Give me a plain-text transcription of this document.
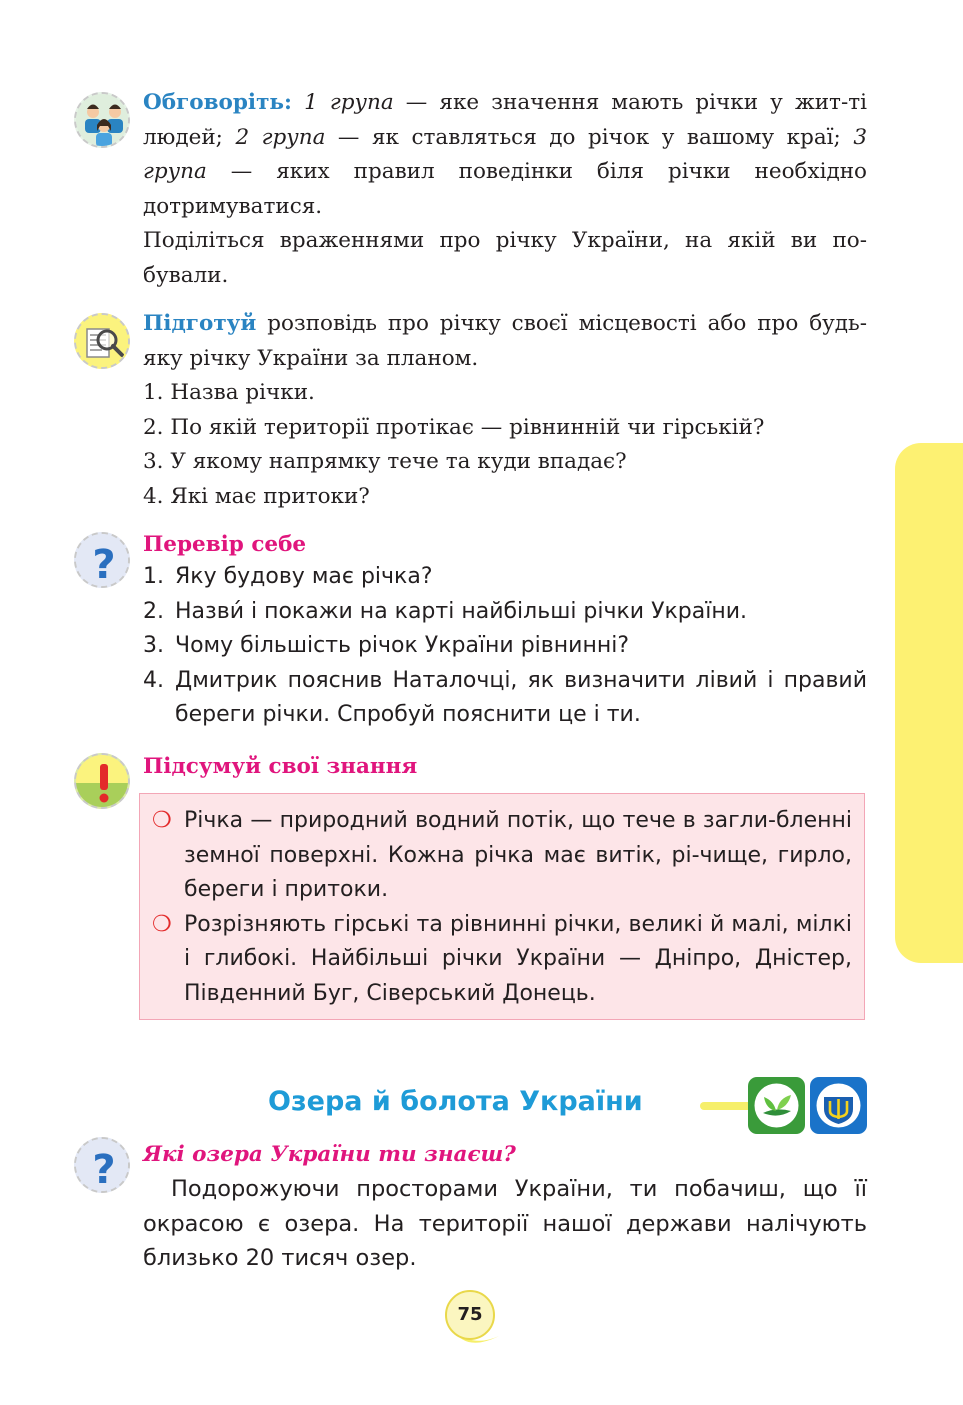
Обговоріть: 1 група — яке значення мають річки у жит-ті людей; 2 група — як ставляться до річок у вашому краї; 3 група — яких правил поведінки біля річки необхідно дотримуватися.

Поділіться враженнями про річку України, на якій ви по-бували.

Підготуй розповідь про річку своєї місцевості або про будь-яку річку України за планом.

1. Назва річки.

2. По якій території протікає — рівнинній чи гірській?

3. У якому напрямку тече та куди впадає?

4. Які має притоки?

? Перевір себе

1. Яку будову має річка?
2. Назви́ і покажи на карті найбільші річки України.
3. Чому більшість річок України рівнинні?
4. Дмитрик пояснив Наталочці, як визначити лівий і правий береги річки. Спробуй пояснити це і ти.

Підсумуй свої знання

❍ Річка — природний водний потік, що тече в загли-бленні земної поверхні. Кожна річка має витік, рі-чище, гирло, береги і притоки.
❍ Розрізняють гірські та рівнинні річки, великі й малі, мілкі і глибокі. Найбільші річки України — Дніпро, Дністер, Південний Буг, Сіверський Донець.
Озера й болота України
? Які озера України ти знаєш?

Подорожуючи просторами України, ти побачиш, що її окрасою є озера. На території нашої держави налічують близько 20 тисяч озер.

75
